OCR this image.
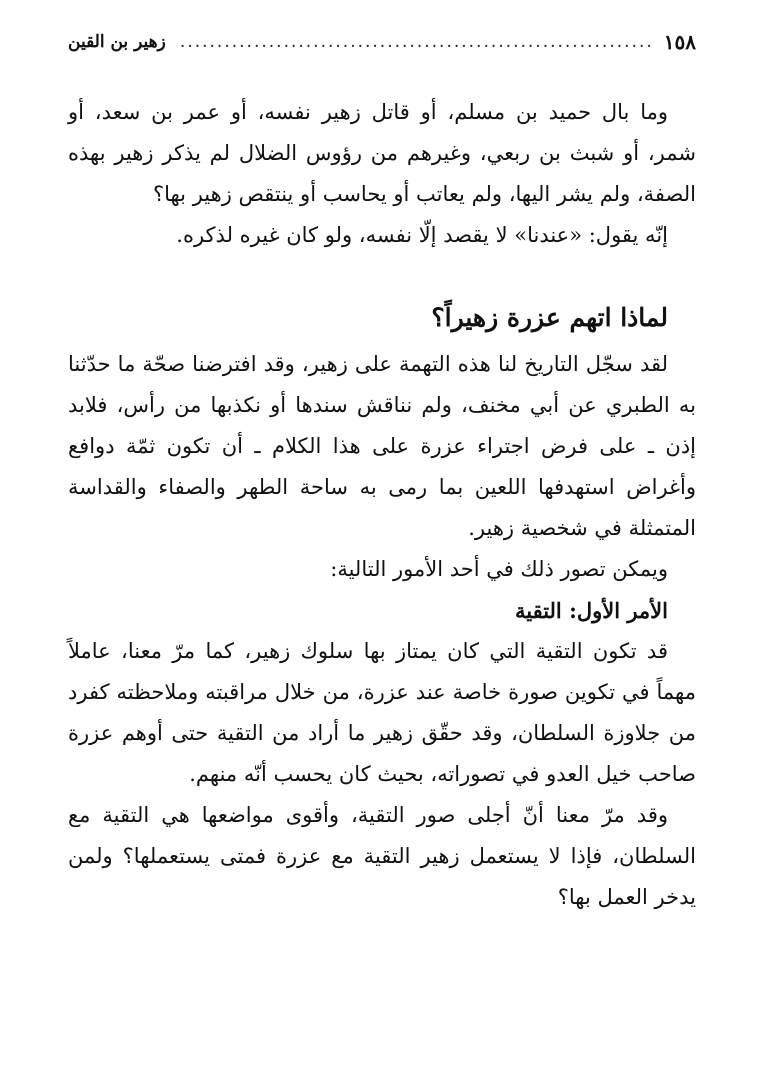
١٥٨
.....
زهير بن القين

وما بال حميد بن مسلم، أو قاتل زهير نفسه، أو عمر بن سعد، أو شمر، أو شبث بن ربعي، وغيرهم من رؤوس الضلال لم يذكر زهير بهذه الصفة، ولم يشر اليها، ولم يعاتب أو يحاسب أو ينتقص زهير بها؟

إنّه يقول: «عندنا» لا يقصد إلّا نفسه، ولو كان غيره لذكره.

لماذا اتهم عزرة زهيراً؟

لقد سجّل التاريخ لنا هذه التهمة على زهير، وقد افترضنا صحّة ما حدّثنا به الطبري عن أبي مخنف، ولم نناقش سندها أو نكذبها من رأس، فلابد إذن ـ على فرض اجتراء عزرة على هذا الكلام ـ أن تكون ثمّة دوافع وأغراض استهدفها اللعين بما رمى به ساحة الطهر والصفاء والقداسة المتمثلة في شخصية زهير.

ويمكن تصور ذلك في أحد الأمور التالية:

الأمر الأول: التقية

قد تكون التقية التي كان يمتاز بها سلوك زهير، كما مرّ معنا، عاملاً مهماً في تكوين صورة خاصة عند عزرة، من خلال مراقبته وملاحظته كفرد من جلاوزة السلطان، وقد حقّق زهير ما أراد من التقية حتى أوهم عزرة صاحب خيل العدو في تصوراته، بحيث كان يحسب أنّه منهم.

وقد مرّ معنا أنّ أجلى صور التقية، وأقوى مواضعها هي التقية مع السلطان، فإذا لا يستعمل زهير التقية مع عزرة فمتى يستعملها؟ ولمن يدخر العمل بها؟
